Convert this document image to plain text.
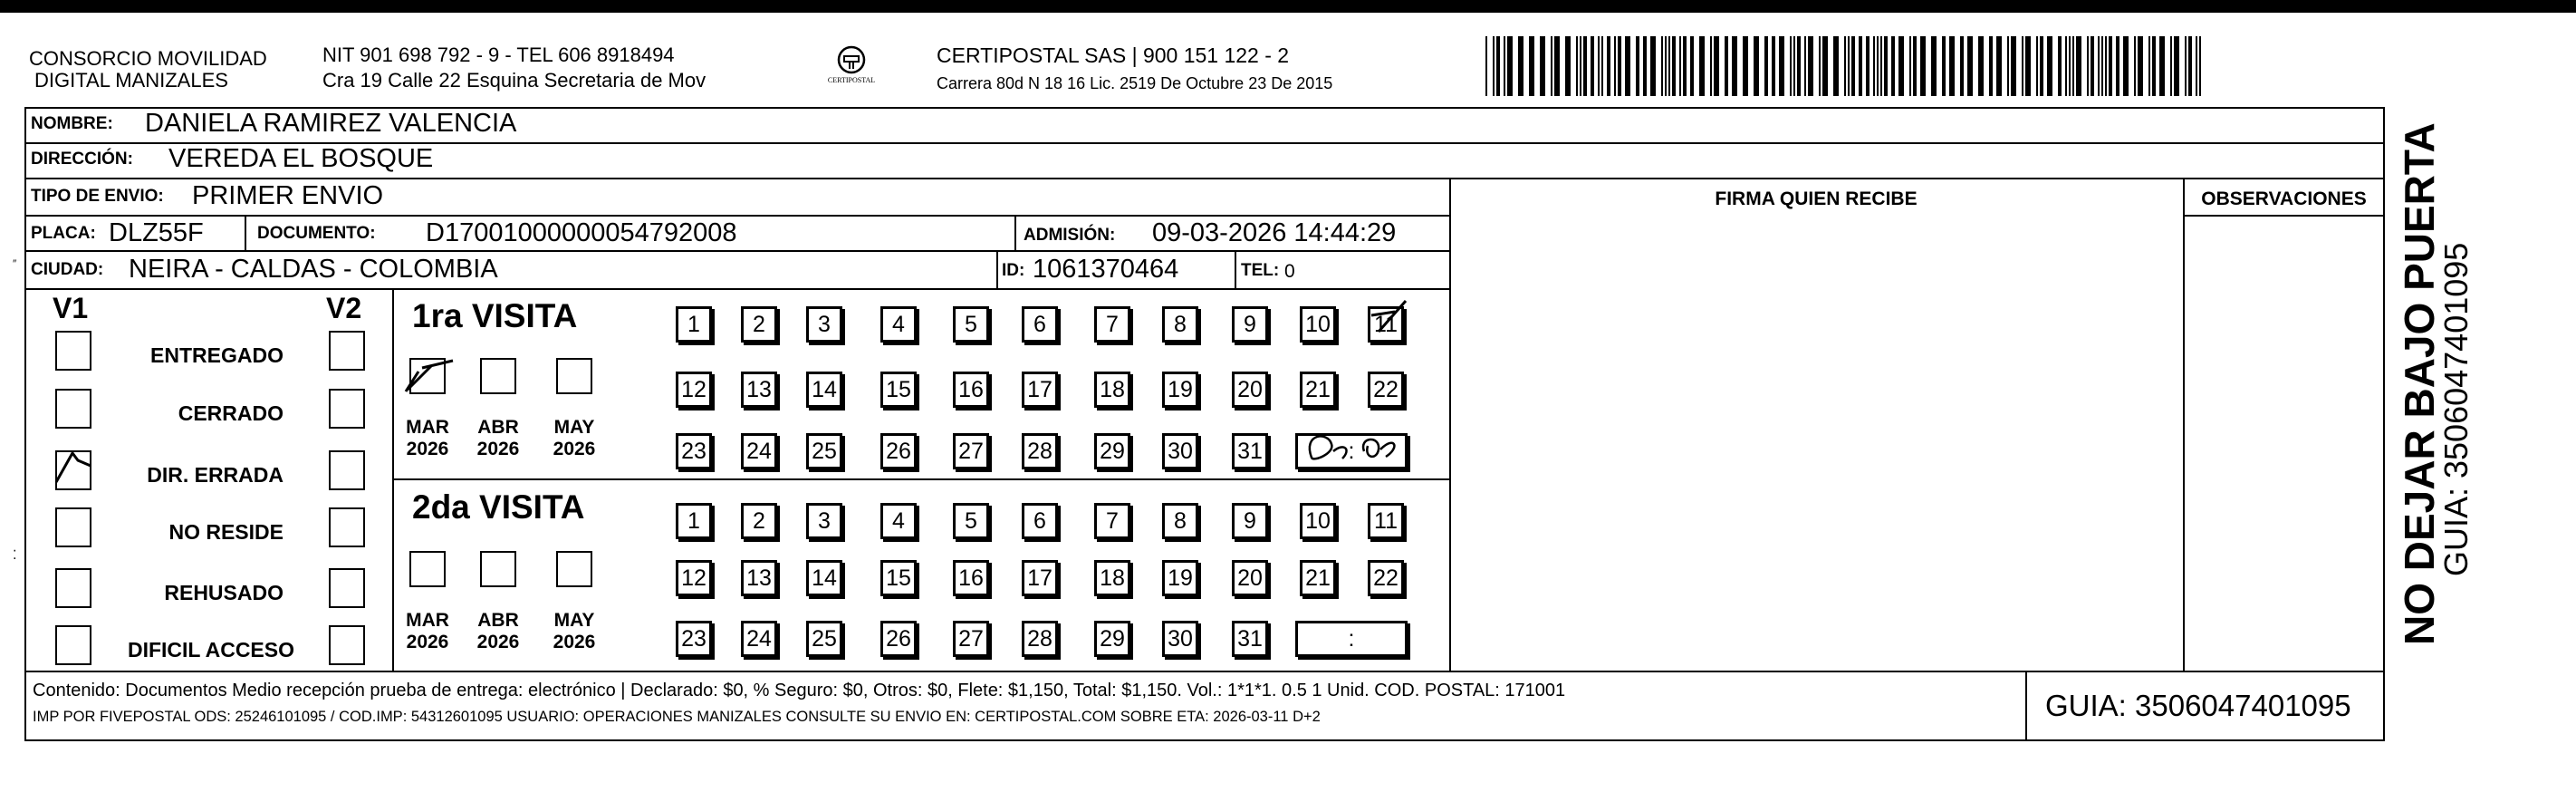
CONSORCIO MOVILIDAD
DIGITAL MANIZALES
NIT 901 698 792 - 9 - TEL 606 8918494
Cra 19 Calle 22 Esquina Secretaria de Mov	CERTIPOSTAL
CERTIPOSTAL SAS | 900 151 122 - 2
Carrera 80d N 18 16 Lic. 2519 De Octubre 23 De 2015
NOMBRE: DANIELA RAMIREZ VALENCIA
DIRECCIÓN: VEREDA EL BOSQUE
TIPO DE ENVIO: PRIMER ENVIO
PLACA: DLZ55F	DOCUMENTO: D17001000000054792008	ADMISIÓN: 09-03-2026 14:44:29
CIUDAD: NEIRA - CALDAS - COLOMBIA	ID: 1061370464	TEL: 0
FIRMA QUIEN RECIBE	OBSERVACIONES
V1	V2
ENTREGADO
CERRADO
DIR. ERRADA
NO RESIDE
REHUSADO
DIFICIL ACCESO
1ra VISITA
2da VISITA
MAR
2026
ABR
2026
MAY
2026
MAR
2026
ABR
2026
MAY
2026
1	2	3	4	5	6	7	8	9	10 11
12 13 14 15 16 17 18 19 20 21 22
23 24 25 26 27 28 29 30 31	:
1	2	3	4	5	6	7	8	9	10 11
12 13 14 15 16 17 18 19 20 21 22
23 24 25 26 27 28 29 30 31	:
Contenido: Documentos Medio recepción prueba de entrega: electrónico | Declarado: $0, % Seguro: $0, Otros: $0, Flete: $1,150, Total: $1,150. Vol.: 1*1*1. 0.5 1 Unid. COD. POSTAL: 171001
IMP POR FIVEPOSTAL ODS: 25246101095 / COD.IMP: 54312601095 USUARIO: OPERACIONES MANIZALES CONSULTE SU ENVIO EN: CERTIPOSTAL.COM SOBRE ETA: 2026-03-11 D+2	GUIA: 3506047401095
NO DEJAR BAJO PUERTA
GUIA: 3506047401095
″
⁚
